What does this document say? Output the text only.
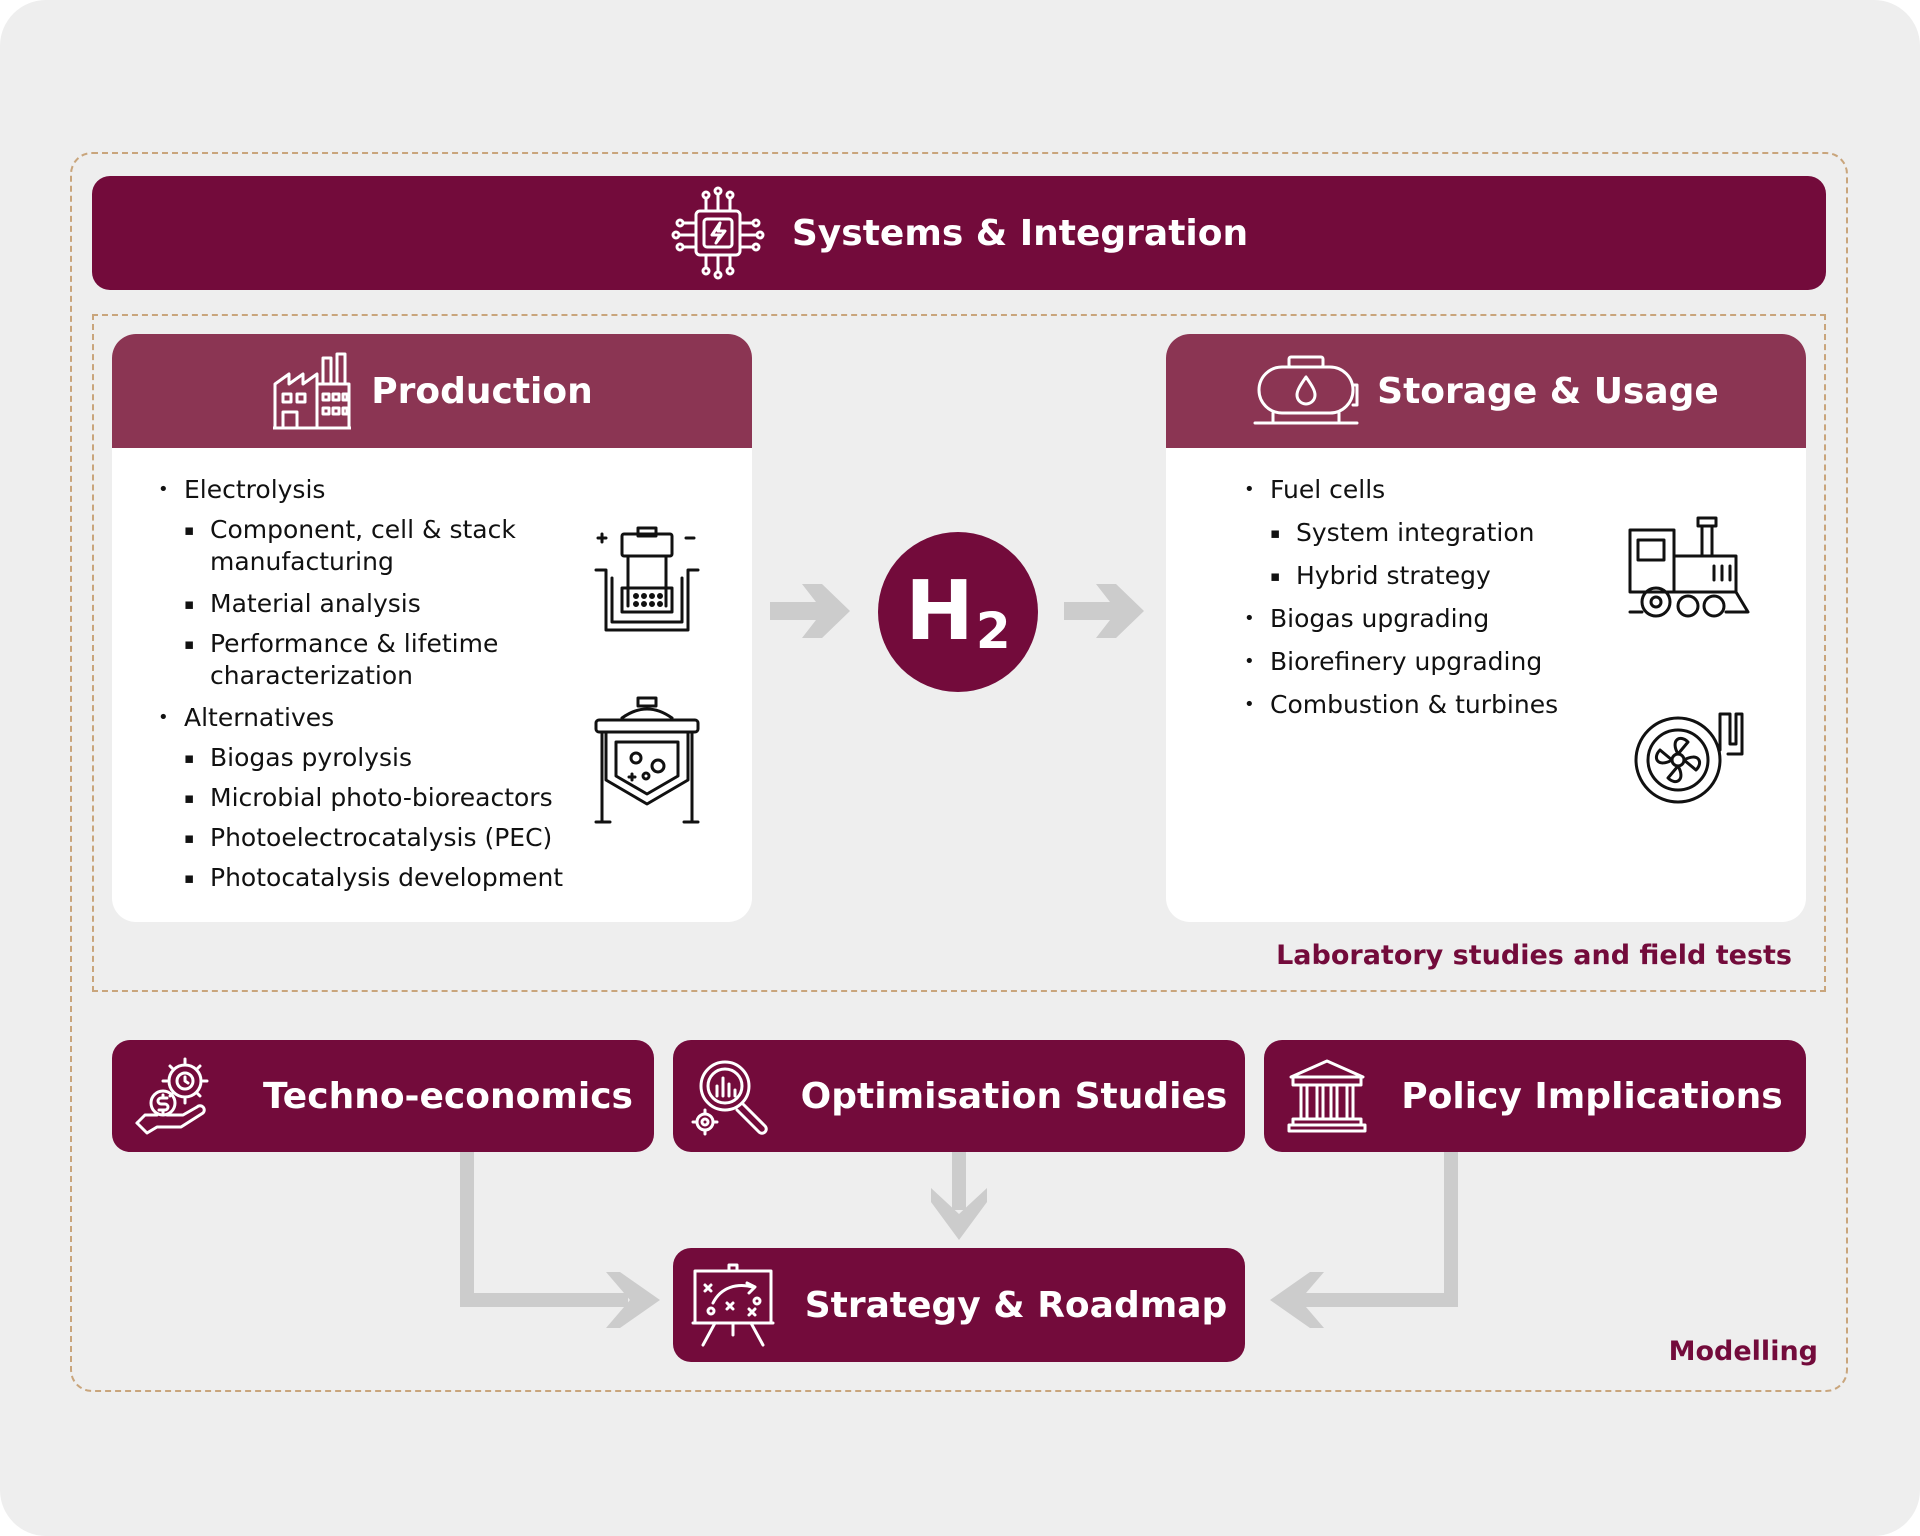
Systems & Integration
Production
• Electrolysis
▪ Component, cell & stack
manufacturing
▪ Material analysis
▪ Performance & lifetime
characterization
• Alternatives
▪ Biogas pyrolysis
▪ Microbial photo-bioreactors
▪ Photoelectrocatalysis (PEC)
▪ Photocatalysis development
Storage & Usage
• Fuel cells
▪ System integration
▪ Hybrid strategy
• Biogas upgrading
• Biorefinery upgrading
• Combustion & turbines
H 2
Laboratory studies and field tests
Techno-economics	Optimisation Studies	Policy Implications
Strategy & Roadmap
Modelling
